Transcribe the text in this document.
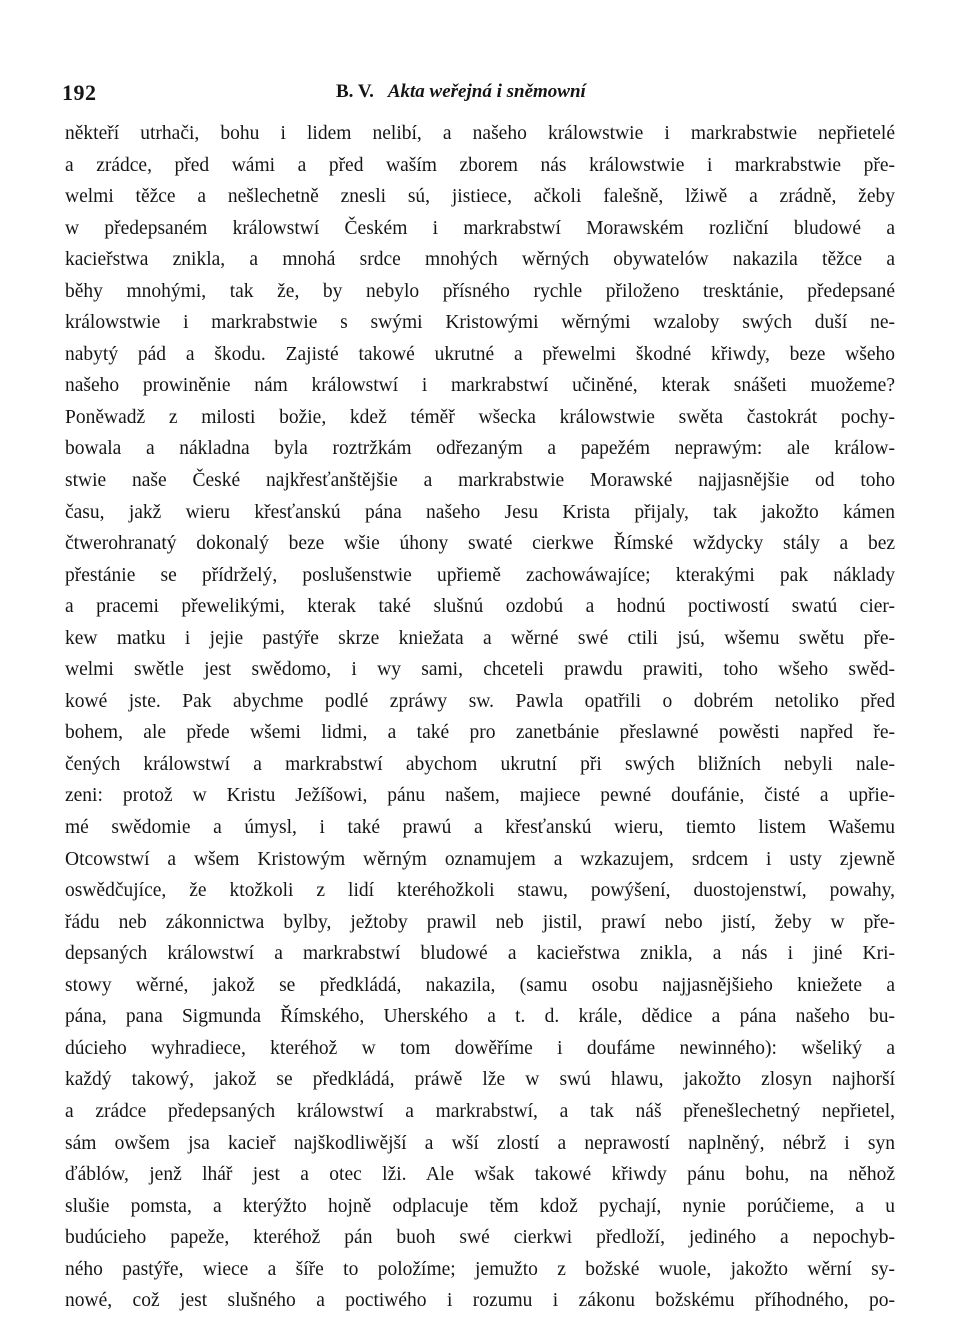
192	B. V. Akta weřejná i sněmowní
někteří utrhači, bohu i lidem nelibí, a našeho králowstwie i markrabstwie nepřietelé
a zrádce, před wámi a před waším zborem nás králowstwie i markrabstwie pře-
welmi těžce a nešlechetně znesli sú, jistiece, ačkoli falešně, lžiwě a zrádně, žeby
w předepsaném králowstwí Českém i markrabstwí Morawském rozliční bludowé a
kacieřstwa znikla, a mnohá srdce mnohých wěrných obywatelów nakazila těžce a
běhy mnohými, tak že, by nebylo přísného rychle přiloženo tresktánie, předepsané
králowstwie i markrabstwie s swými Kristowými wěrnými wzaloby swých duší ne-
nabytý pád a škodu. Zajisté takowé ukrutné a přewelmi škodné křiwdy, beze wšeho
našeho prowiněnie nám králowstwí i markrabstwí učiněné, kterak snášeti muožeme?
Poněwadž z milosti božie, kdež téměř wšecka králowstwie swěta častokrát pochy-
bowala a nákladna byla roztržkám odřezaným a papežém neprawým: ale králow-
stwie naše České najkřesťanštějšie a markrabstwie Morawské najjasnějšie od toho
času, jakž wieru křesťanskú pána našeho Jesu Krista přijaly, tak jakožto kámen
čtwerohranatý dokonalý beze wšie úhony swaté cierkwe Římské wždycky stály a bez
přestánie se přídrželý, poslušenstwie upřiemě zachowáwajíce; kterakými pak náklady
a pracemi přewelikými, kterak také slušnú ozdobú a hodnú poctiwostí swatú cier-
kew matku i jejie pastýře skrze kniežata a wěrné swé ctili jsú, wšemu swětu pře-
welmi swětle jest swědomo, i wy sami, chceteli prawdu prawiti, toho wšeho swěd-
kowé jste. Pak abychme podlé zpráwy sw. Pawla opatřili o dobrém netoliko před
bohem, ale přede wšemi lidmi, a také pro zanetbánie přeslawné powěsti napřed ře-
čených králowstwí a markrabstwí abychom ukrutní při swých bližních nebyli nale-
zeni: protož w Kristu Ježíšowi, pánu našem, majiece pewné doufánie, čisté a upřie-
mé swědomie a úmysl, i také prawú a křesťanskú wieru, tiemto listem Wašemu
Otcowstwí a wšem Kristowým wěrným oznamujem a wzkazujem, srdcem i usty zjewně
oswědčujíce, že ktožkoli z lidí kteréhožkoli stawu, powýšení, duostojenstwí, powahy,
řádu neb zákonnictwa bylby, ježtoby prawil neb jistil, prawí nebo jistí, žeby w pře-
depsaných králowstwí a markrabstwí bludowé a kacieřstwa znikla, a nás i jiné Kri-
stowy wěrné, jakož se předkládá, nakazila, (samu osobu najjasnějšieho kniežete a
pána, pana Sigmunda Římského, Uherského a t. d. krále, dědice a pána našeho bu-
dúcieho wyhradiece, kteréhož w tom dowěříme i doufáme newinného): wšeliký a
každý takowý, jakož se předkládá, práwě lže w swú hlawu, jakožto zlosyn najhorší
a zrádce předepsaných králowstwí a markrabstwí, a tak náš přenešlechetný nepřietel,
sám owšem jsa kacieř najškodliwější a wší zlostí a neprawostí naplněný, nébrž i syn
ďáblów, jenž lhář jest a otec lži. Ale wšak takowé křiwdy pánu bohu, na něhož
slušie pomsta, a kterýžto hojně odplacuje těm kdož pychají, nynie porúčieme, a u
budúcieho papeže, kteréhož pán buoh swé cierkwi předloží, jediného a nepochyb-
ného pastýře, wiece a šíře to položíme; jemužto z božské wuole, jakožto wěrní sy-
nowé, což jest slušného a poctiwého i rozumu i zákonu božskému příhodného, po-
